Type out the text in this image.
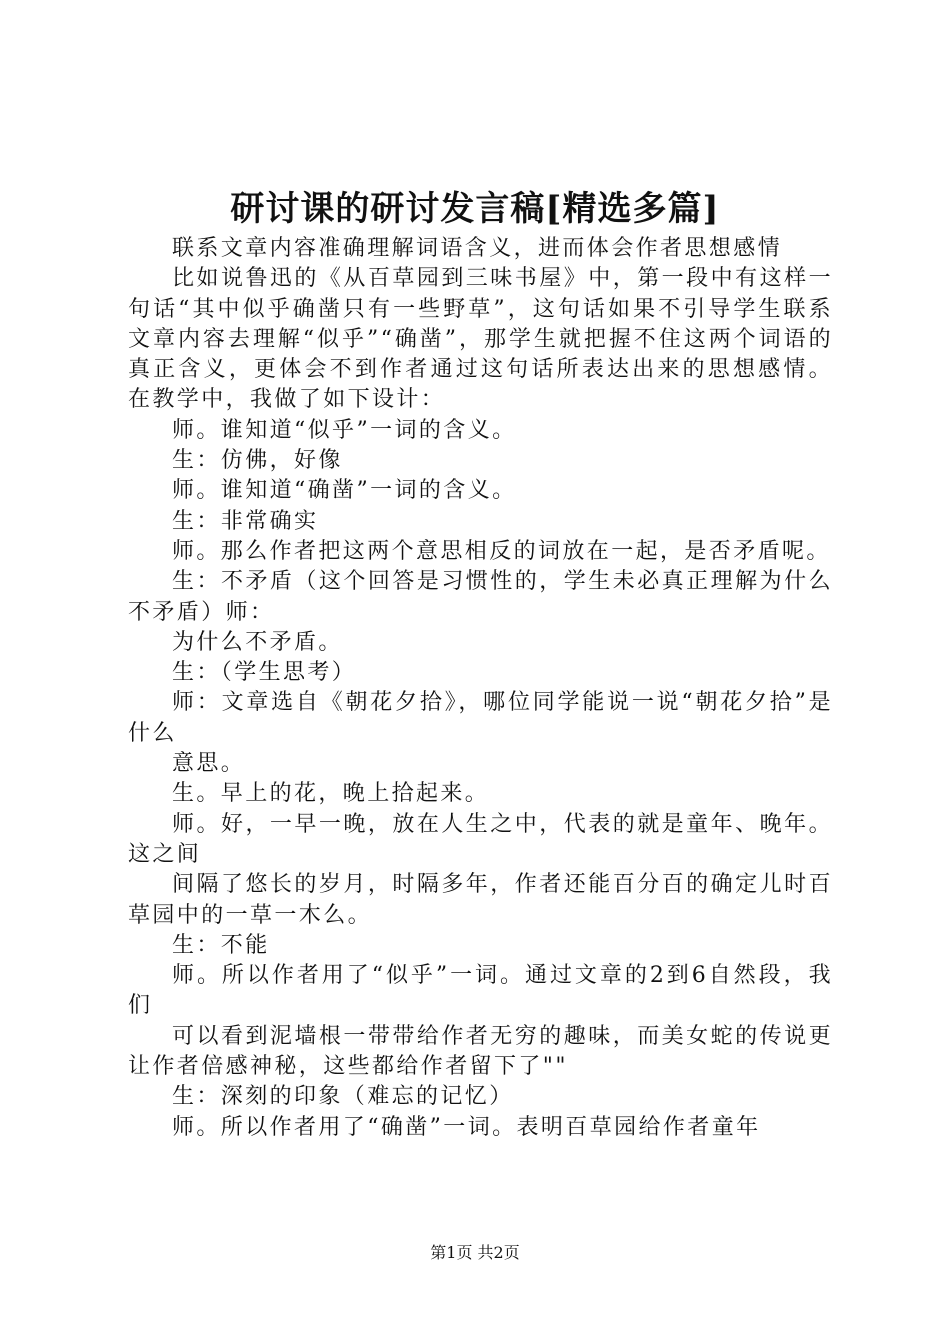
研讨课的研讨发言稿[精选多篇]

联系文章内容准确理解词语含义，进而体会作者思想感情

比如说鲁迅的《从百草园到三味书屋》中，第一段中有这样一句话“其中似乎确凿只有一些野草”，这句话如果不引导学生联系文章内容去理解“似乎”“确凿”，那学生就把握不住这两个词语的真正含义，更体会不到作者通过这句话所表达出来的思想感情。在教学中，我做了如下设计：

师。谁知道“似乎”一词的含义。

生：仿佛，好像

师。谁知道“确凿”一词的含义。

生：非常确实

师。那么作者把这两个意思相反的词放在一起，是否矛盾呢。

生：不矛盾（这个回答是习惯性的，学生未必真正理解为什么不矛盾）师：

为什么不矛盾。

生：（学生思考）

师：文章选自《朝花夕拾》，哪位同学能说一说“朝花夕拾”是什么

意思。

生。早上的花，晚上拾起来。

师。好，一早一晚，放在人生之中，代表的就是童年、晚年。这之间

间隔了悠长的岁月，时隔多年，作者还能百分百的确定儿时百草园中的一草一木么。

生：不能

师。所以作者用了“似乎”一词。通过文章的2到6自然段，我们

可以看到泥墙根一带带给作者无穷的趣味，而美女蛇的传说更让作者倍感神秘，这些都给作者留下了""

生：深刻的印象（难忘的记忆）

师。所以作者用了“确凿”一词。表明百草园给作者童年

第1页 共2页
